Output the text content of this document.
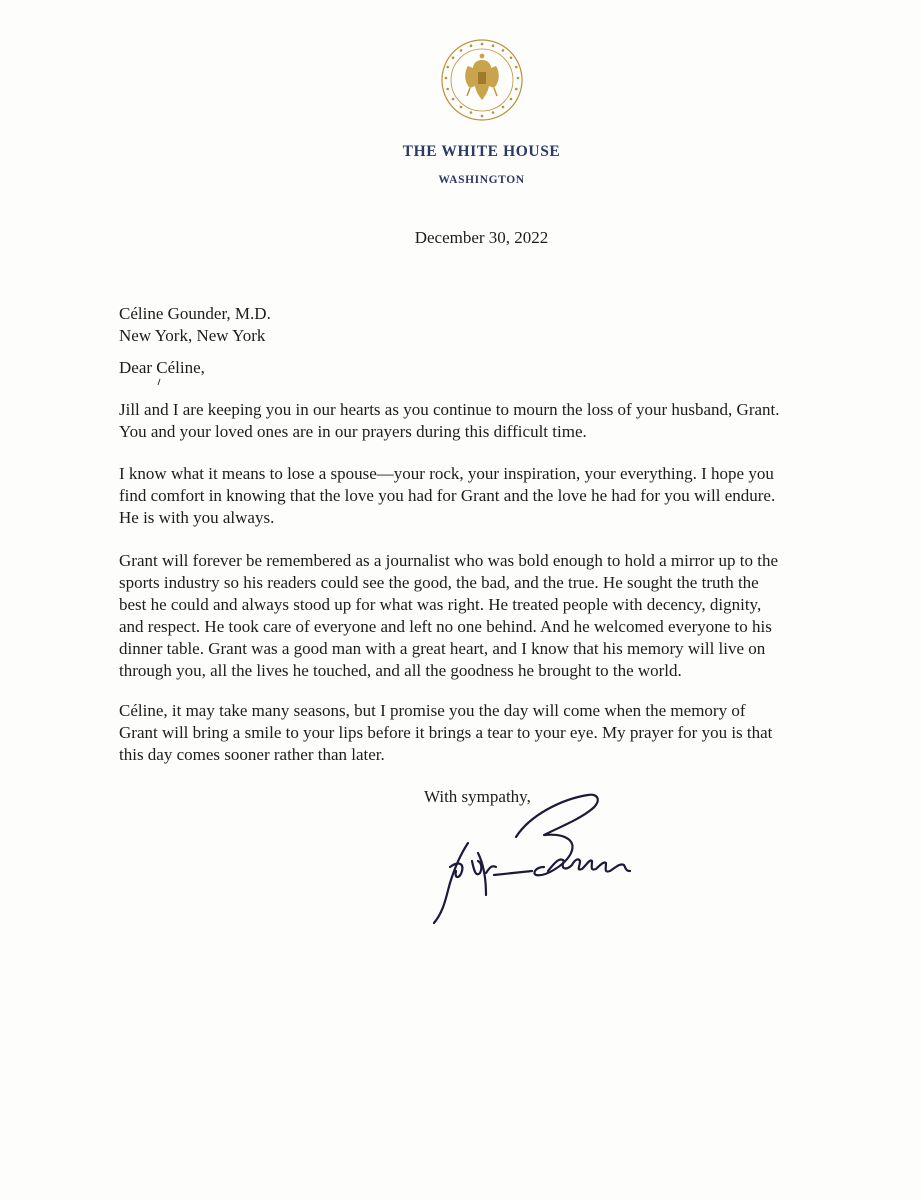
THE WHITE HOUSE
WASHINGTON
December 30, 2022
Céline Gounder, M.D.
New York, New York
Dear Céline,
Jill and I are keeping you in our hearts as you continue to mourn the loss of your husband, Grant.
You and your loved ones are in our prayers during this difficult time.
I know what it means to lose a spouse—your rock, your inspiration, your everything. I hope you
find comfort in knowing that the love you had for Grant and the love he had for you will endure.
He is with you always.
Grant will forever be remembered as a journalist who was bold enough to hold a mirror up to the
sports industry so his readers could see the good, the bad, and the true. He sought the truth the
best he could and always stood up for what was right. He treated people with decency, dignity,
and respect. He took care of everyone and left no one behind. And he welcomed everyone to his
dinner table. Grant was a good man with a great heart, and I know that his memory will live on
through you, all the lives he touched, and all the goodness he brought to the world.
Céline, it may take many seasons, but I promise you the day will come when the memory of
Grant will bring a smile to your lips before it brings a tear to your eye. My prayer for you is that
this day comes sooner rather than later.
With sympathy,
